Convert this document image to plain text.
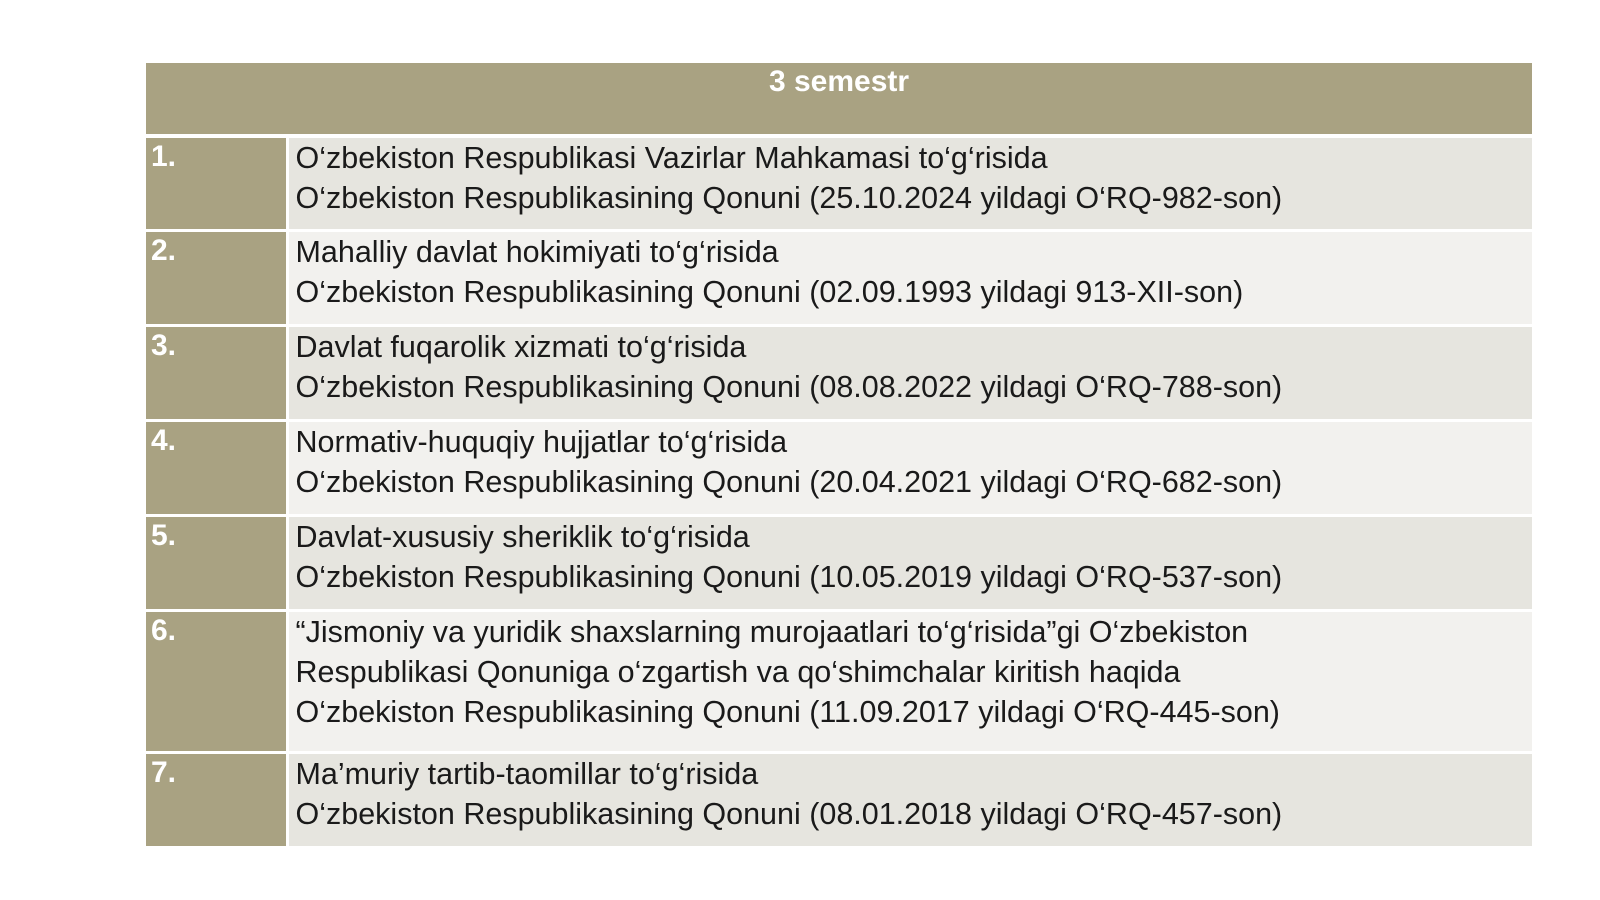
3 semestr	
1.	O‘zbekiston Respublikasi Vazirlar Mahkamasi to‘g‘risida
O‘zbekiston Respublikasining Qonuni (25.10.2024 yildagi O‘RQ-982-son)

2.	Mahalliy davlat hokimiyati to‘g‘risida
O‘zbekiston Respublikasining Qonuni (02.09.1993 yildagi 913-XII-son)

3.	Davlat fuqarolik xizmati to‘g‘risida
O‘zbekiston Respublikasining Qonuni (08.08.2022 yildagi O‘RQ-788-son)

4.	Normativ-huquqiy hujjatlar to‘g‘risida
O‘zbekiston Respublikasining Qonuni (20.04.2021 yildagi O‘RQ-682-son)

5.	Davlat-xususiy sheriklik to‘g‘risida
O‘zbekiston Respublikasining Qonuni (10.05.2019 yildagi O‘RQ-537-son)

6.	“Jismoniy va yuridik shaxslarning murojaatlari to‘g‘risida”gi O‘zbekiston
Respublikasi Qonuniga o‘zgartish va qo‘shimchalar kiritish haqida
O‘zbekiston Respublikasining Qonuni (11.09.2017 yildagi O‘RQ-445-son)

7.	Ma’muriy tartib-taomillar to‘g‘risida
O‘zbekiston Respublikasining Qonuni (08.01.2018 yildagi O‘RQ-457-son)
